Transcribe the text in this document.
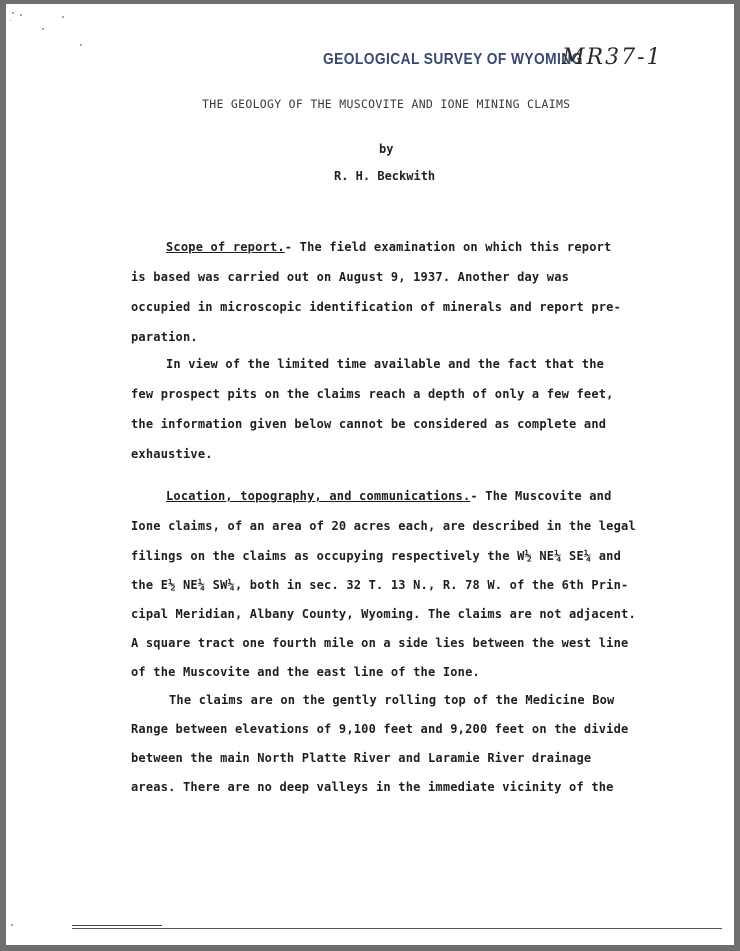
GEOLOGICAL SURVEY OF WYOMING
MR37-1
THE GEOLOGY OF THE MUSCOVITE AND IONE MINING CLAIMS
by
R. H. Beckwith
Scope of report.- The field examination on which this report
is based was carried out on August 9, 1937. Another day was
occupied in microscopic identification of minerals and report pre-
paration.
In view of the limited time available and the fact that the
few prospect pits on the claims reach a depth of only a few feet,
the information given below cannot be considered as complete and
exhaustive.
Location, topography, and communications.- The Muscovite and
Ione claims, of an area of 20 acres each, are described in the legal
filings on the claims as occupying respectively the W½ NE¼ SE¼ and
the E½ NE¼ SW¼, both in sec. 32 T. 13 N., R. 78 W. of the 6th Prin-
cipal Meridian, Albany County, Wyoming. The claims are not adjacent.
A square tract one fourth mile on a side lies between the west line
of the Muscovite and the east line of the Ione.
The claims are on the gently rolling top of the Medicine Bow
Range between elevations of 9,100 feet and 9,200 feet on the divide
between the main North Platte River and Laramie River drainage
areas. There are no deep valleys in the immediate vicinity of the
